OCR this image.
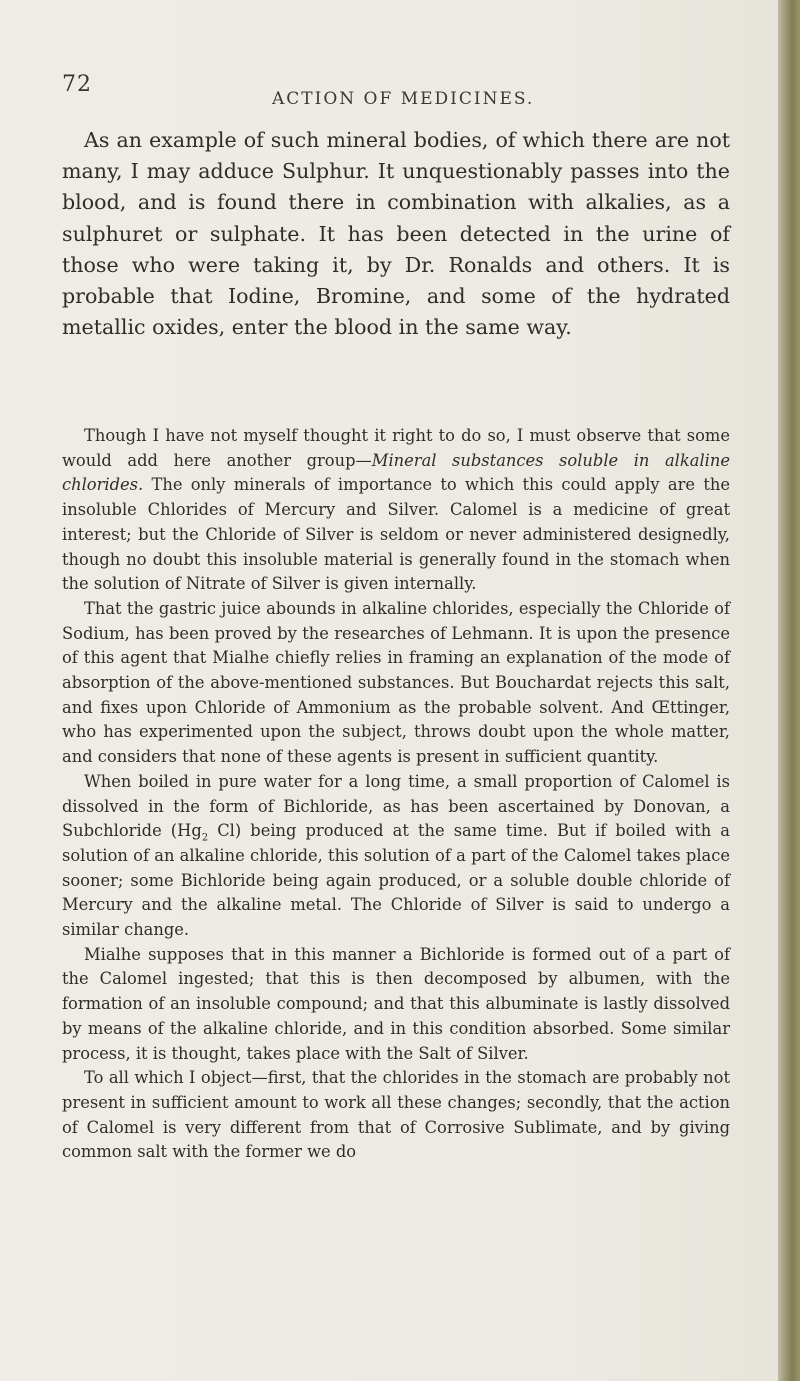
72
ACTION OF MEDICINES.

As an example of such mineral bodies, of which there are not many, I may adduce Sulphur. It unquestionably passes into the blood, and is found there in combination with alkalies, as a sulphuret or sulphate. It has been detected in the urine of those who were taking it, by Dr. Ronalds and others. It is probable that Iodine, Bromine, and some of the hydrated metallic oxides, enter the blood in the same way.

Though I have not myself thought it right to do so, I must observe that some would add here another group—Mineral substances soluble in alkaline chlorides. The only minerals of importance to which this could apply are the insoluble Chlorides of Mercury and Silver. Calomel is a medicine of great interest; but the Chloride of Silver is seldom or never administered designedly, though no doubt this insoluble material is generally found in the stomach when the solution of Nitrate of Silver is given internally.

That the gastric juice abounds in alkaline chlorides, especially the Chloride of Sodium, has been proved by the researches of Lehmann. It is upon the presence of this agent that Mialhe chiefly relies in framing an explanation of the mode of absorption of the above-mentioned substances. But Bouchardat rejects this salt, and fixes upon Chloride of Ammonium as the probable solvent. And Œttinger, who has experimented upon the subject, throws doubt upon the whole matter, and considers that none of these agents is present in sufficient quantity.

When boiled in pure water for a long time, a small proportion of Calomel is dissolved in the form of Bichloride, as has been ascertained by Donovan, a Subchloride ($Hg_2$ Cl) being produced at the same time. But if boiled with a solution of an alkaline chloride, this solution of a part of the Calomel takes place sooner; some Bichloride being again produced, or a soluble double chloride of Mercury and the alkaline metal. The Chloride of Silver is said to undergo a similar change.

Mialhe supposes that in this manner a Bichloride is formed out of a part of the Calomel ingested; that this is then decomposed by albumen, with the formation of an insoluble compound; and that this albuminate is lastly dissolved by means of the alkaline chloride, and in this condition absorbed. Some similar process, it is thought, takes place with the Salt of Silver.

To all which I object—first, that the chlorides in the stomach are probably not present in sufficient amount to work all these changes; secondly, that the action of Calomel is very different from that of Corrosive Sublimate, and by giving common salt with the former we do
